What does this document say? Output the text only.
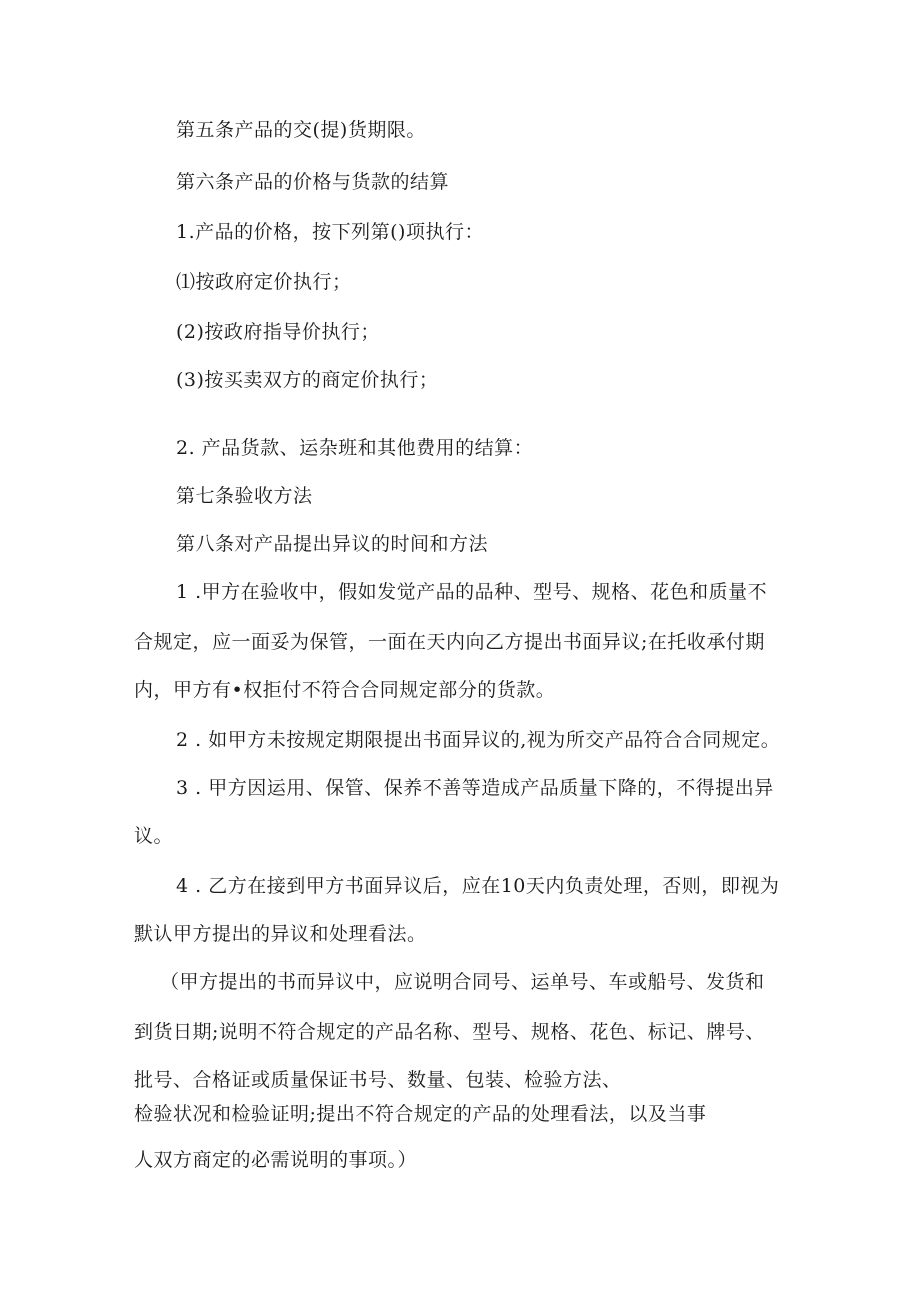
第五条产品的交(提)货期限。
第六条产品的价格与货款的结算
1.产品的价格，按下列第()项执行：
⑴按政府定价执行；
(2)按政府指导价执行；
(3)按买卖双方的商定价执行；
2. 产品货款、运杂班和其他费用的结算：
第七条验收方法
第八条对产品提出异议的时间和方法
1 .甲方在验收中，假如发觉产品的品种、型号、规格、花色和质量不
合规定，应一面妥为保管，一面在天内向乙方提出书面异议;在托收承付期
内，甲方有•权拒付不符合合同规定部分的货款。
2 . 如甲方未按规定期限提出书面异议的,视为所交产品符合合同规定。
3 . 甲方因运用、保管、保养不善等造成产品质量下降的，不得提出异
议。
4 . 乙方在接到甲方书面异议后，应在10天内负责处理，否则，即视为
默认甲方提出的异议和处理看法。
（甲方提出的书而异议中，应说明合同号、运单号、车或船号、发货和
到货日期;说明不符合规定的产品名称、型号、规格、花色、标记、牌号、
批号、合格证或质量保证书号、数量、包装、检验方法、
检验状况和检验证明;提出不符合规定的产品的处理看法，以及当事
人双方商定的必需说明的事项。）
